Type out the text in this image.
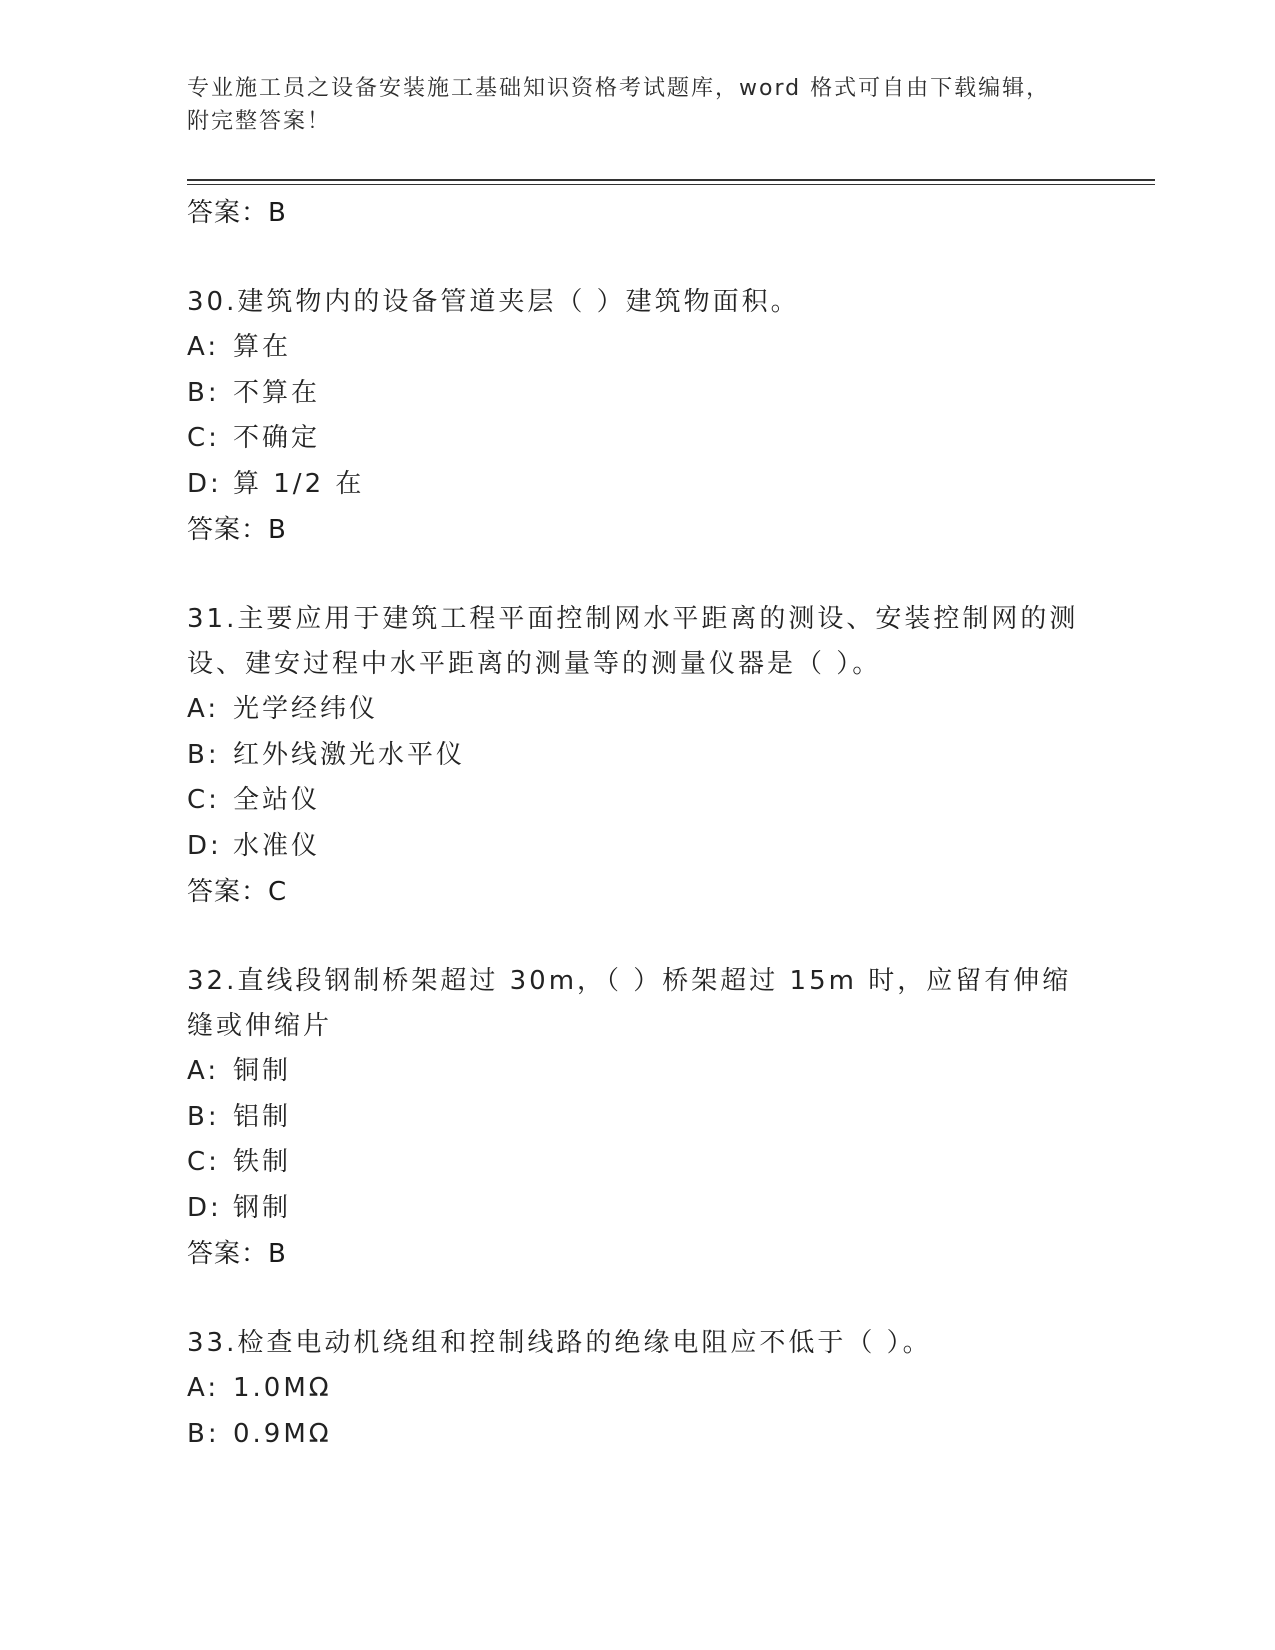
专业施工员之设备安装施工基础知识资格考试题库，word 格式可自由下载编辑，
附完整答案！
答案：B
30.建筑物内的设备管道夹层（ ）建筑物面积。
A: 算在
B: 不算在
C: 不确定
D: 算 1/2 在
答案：B
31.主要应用于建筑工程平面控制网水平距离的测设、安装控制网的测设、建安过程中水平距离的测量等的测量仪器是（ ）。
A: 光学经纬仪
B: 红外线激光水平仪
C: 全站仪
D: 水准仪
答案：C
32.直线段钢制桥架超过 30m，（ ）桥架超过 15m 时，应留有伸缩缝或伸缩片
A: 铜制
B: 铝制
C: 铁制
D: 钢制
答案：B
33.检查电动机绕组和控制线路的绝缘电阻应不低于（ ）。
A: 1.0MΩ
B: 0.9MΩ
